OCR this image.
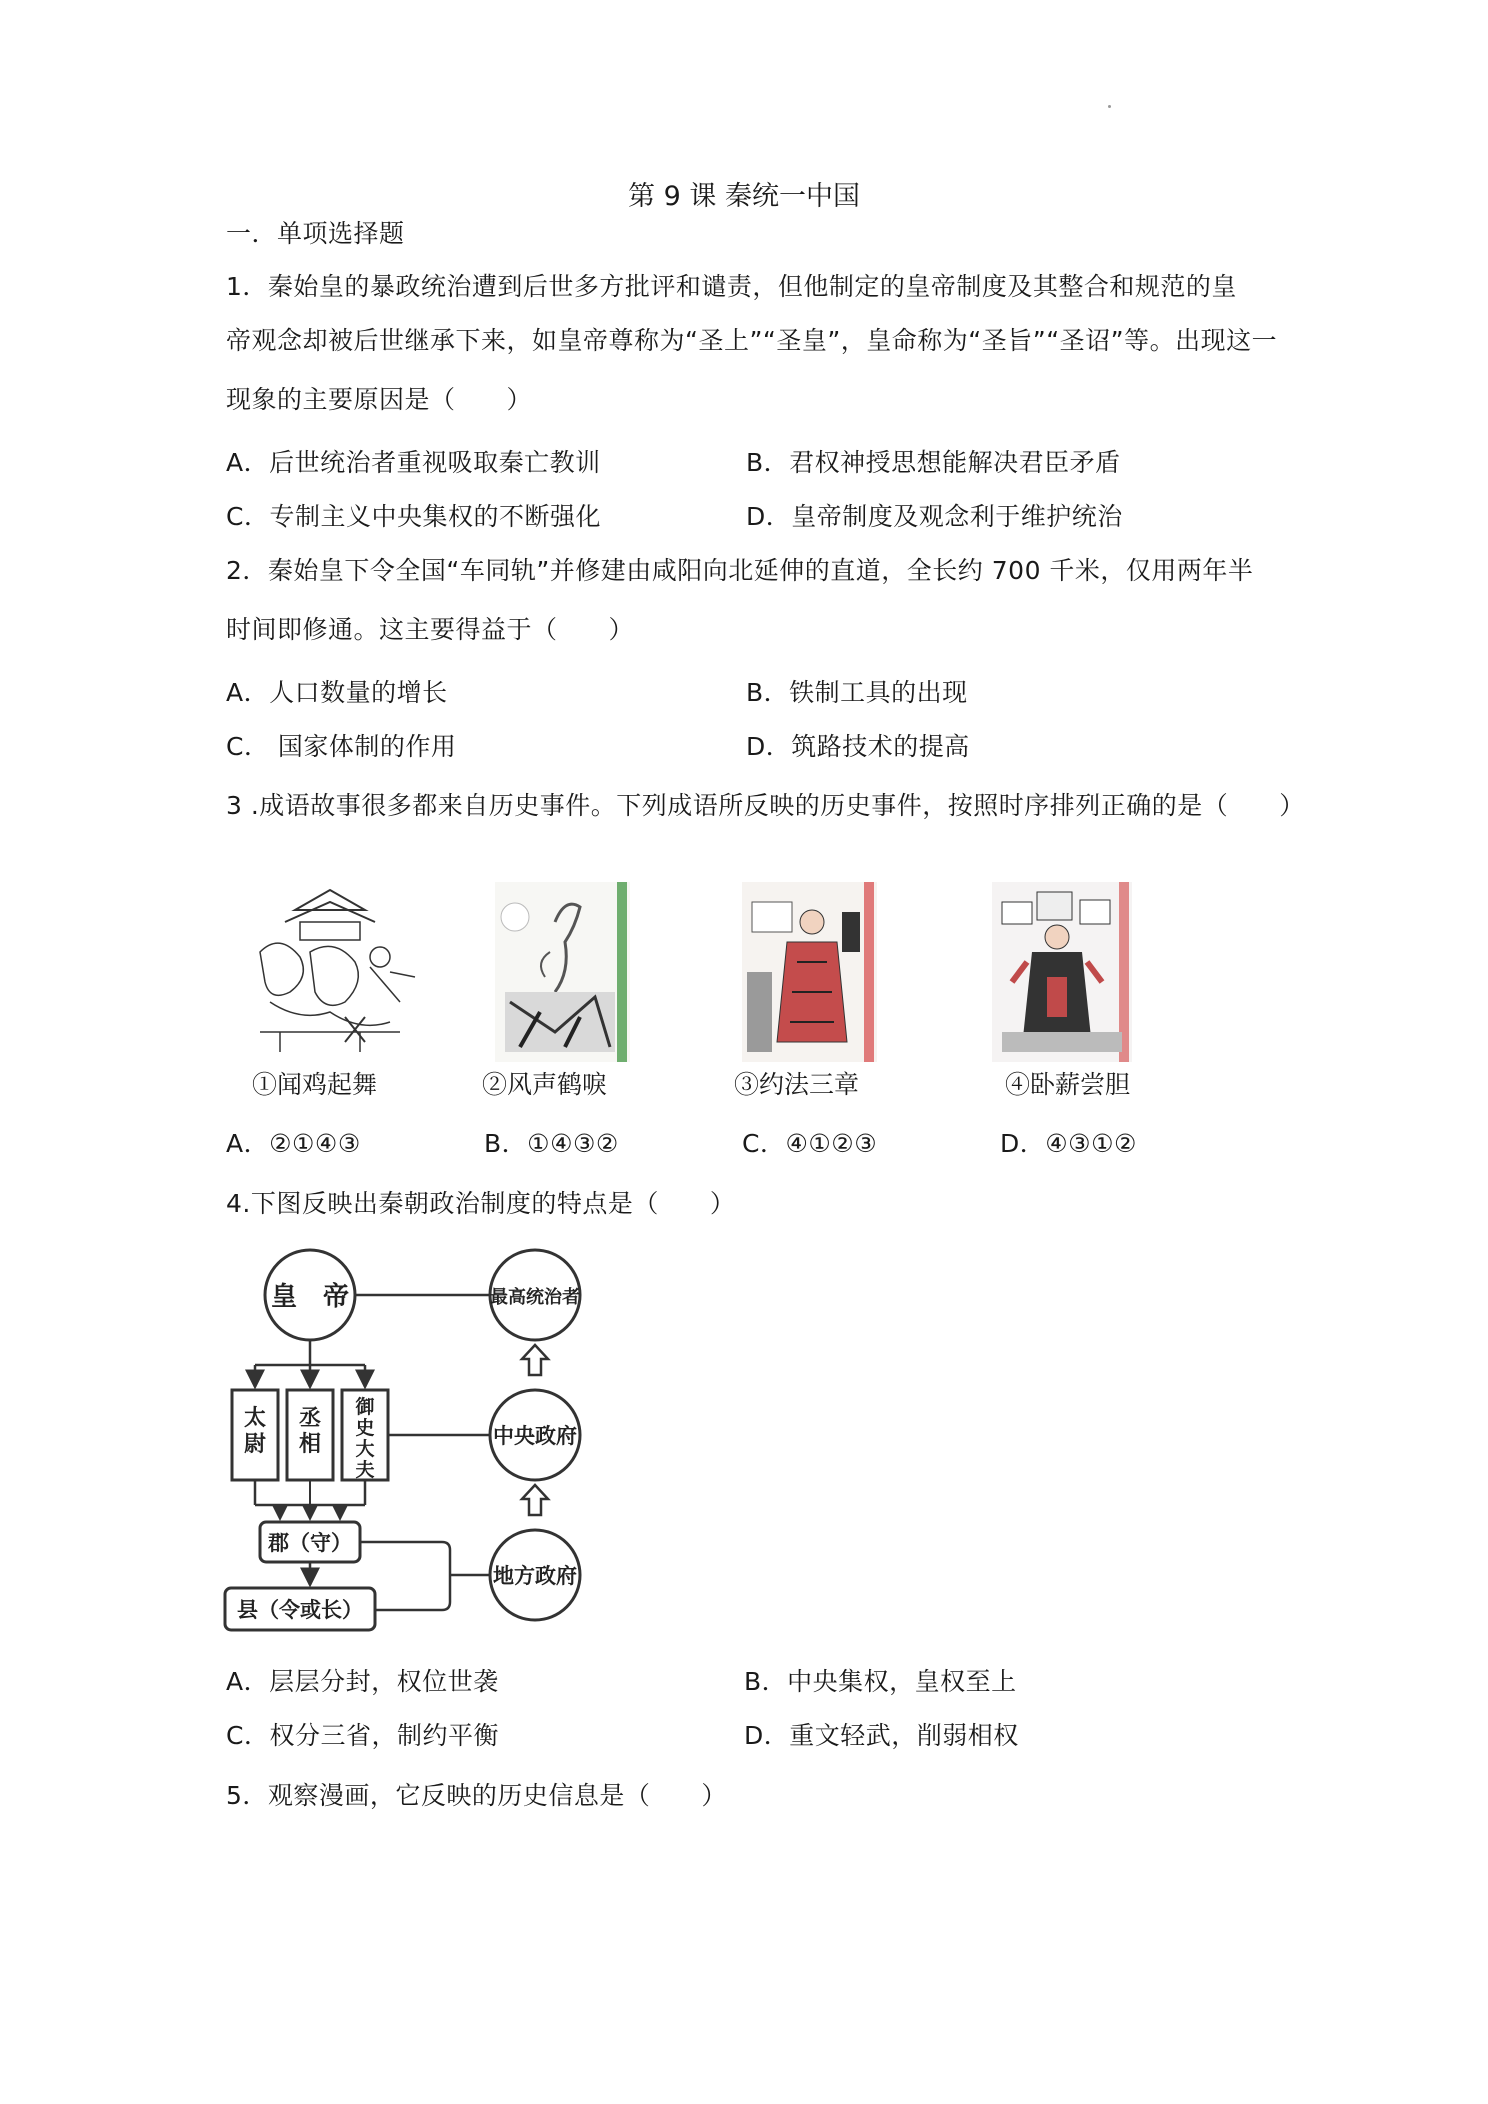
第 9 课 秦统一中国
一．单项选择题
1．秦始皇的暴政统治遭到后世多方批评和谴责，但他制定的皇帝制度及其整合和规范的皇
帝观念却被后世继承下来，如皇帝尊称为“圣上”“圣皇”，皇命称为“圣旨”“圣诏”等。出现这一
现象的主要原因是（　　）
A．后世统治者重视吸取秦亡教训	B．君权神授思想能解决君臣矛盾
C．专制主义中央集权的不断强化	D．皇帝制度及观念利于维护统治
2．秦始皇下令全国“车同轨”并修建由咸阳向北延伸的直道，全长约 700 千米，仅用两年半
时间即修通。这主要得益于（　　）
A．人口数量的增长	B．铁制工具的出现
C． 国家体制的作用	D．筑路技术的提高
3 .成语故事很多都来自历史事件。下列成语所反映的历史事件，按照时序排列正确的是（　　）
①闻鸡起舞	②风声鹤唳	③约法三章	④卧薪尝胆
A．②①④③	B．①④③②	C．④①②③	D．④③①②
4.下图反映出秦朝政治制度的特点是（　　）
皇　帝
太尉
丞相
御史大夫
郡（守）
县（令或长）
最高统治者
中央政府
地方政府
A．层层分封，权位世袭	B．中央集权，皇权至上
C．权分三省，制约平衡	D．重文轻武，削弱相权
5．观察漫画，它反映的历史信息是（　　）
